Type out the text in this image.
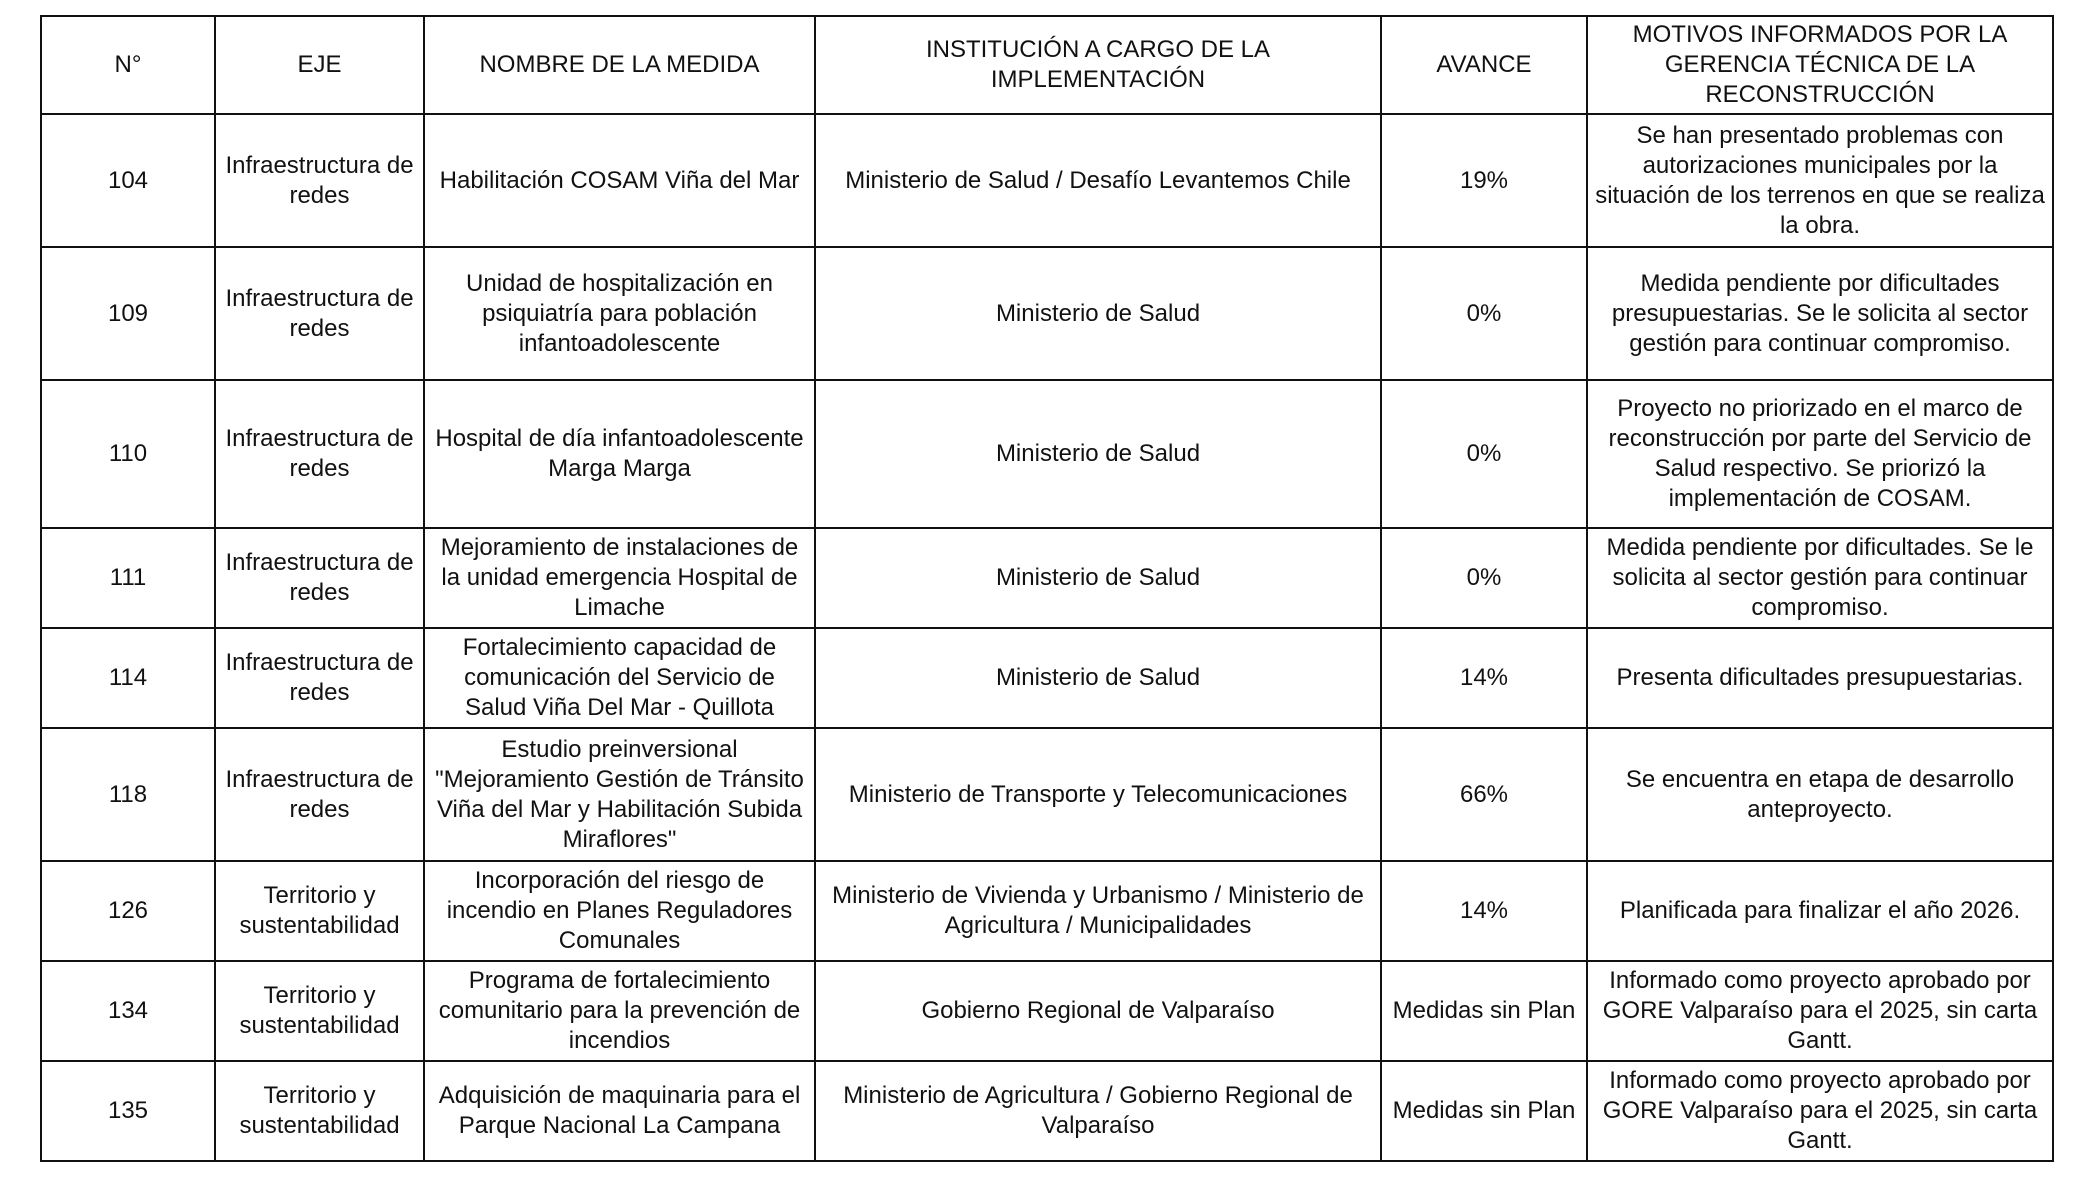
N°	EJE	NOMBRE DE LA MEDIDA	INSTITUCIÓN A CARGO DE LA IMPLEMENTACIÓN	AVANCE	MOTIVOS INFORMADOS POR LA GERENCIA TÉCNICA DE LA RECONSTRUCCIÓN
104	Infraestructura de redes	Habilitación COSAM Viña del Mar	Ministerio de Salud / Desafío Levantemos Chile	19%	Se han presentado problemas con autorizaciones municipales por la situación de los terrenos en que se realiza la obra.
109	Infraestructura de redes	Unidad de hospitalización en psiquiatría para población infantoadolescente	Ministerio de Salud	0%	Medida pendiente por dificultades presupuestarias. Se le solicita al sector gestión para continuar compromiso.
110	Infraestructura de redes	Hospital de día infantoadolescente Marga Marga	Ministerio de Salud	0%	Proyecto no priorizado en el marco de reconstrucción por parte del Servicio de Salud respectivo. Se priorizó la implementación de COSAM.
111	Infraestructura de redes	Mejoramiento de instalaciones de la unidad emergencia Hospital de Limache	Ministerio de Salud	0%	Medida pendiente por dificultades. Se le solicita al sector gestión para continuar compromiso.
114	Infraestructura de redes	Fortalecimiento capacidad de comunicación del Servicio de Salud Viña Del Mar - Quillota	Ministerio de Salud	14%	Presenta dificultades presupuestarias.
118	Infraestructura de redes	Estudio preinversional "Mejoramiento Gestión de Tránsito Viña del Mar y Habilitación Subida Miraflores"	Ministerio de Transporte y Telecomunicaciones	66%	Se encuentra en etapa de desarrollo anteproyecto.
126	Territorio y sustentabilidad	Incorporación del riesgo de incendio en Planes Reguladores Comunales	Ministerio de Vivienda y Urbanismo / Ministerio de Agricultura / Municipalidades	14%	Planificada para finalizar el año 2026.
134	Territorio y sustentabilidad	Programa de fortalecimiento comunitario para la prevención de incendios	Gobierno Regional de Valparaíso	Medidas sin Plan	Informado como proyecto aprobado por GORE Valparaíso para el 2025, sin carta Gantt.
135	Territorio y sustentabilidad	Adquisición de maquinaria para el Parque Nacional La Campana	Ministerio de Agricultura / Gobierno Regional de Valparaíso	Medidas sin Plan	Informado como proyecto aprobado por GORE Valparaíso para el 2025, sin carta Gantt.
